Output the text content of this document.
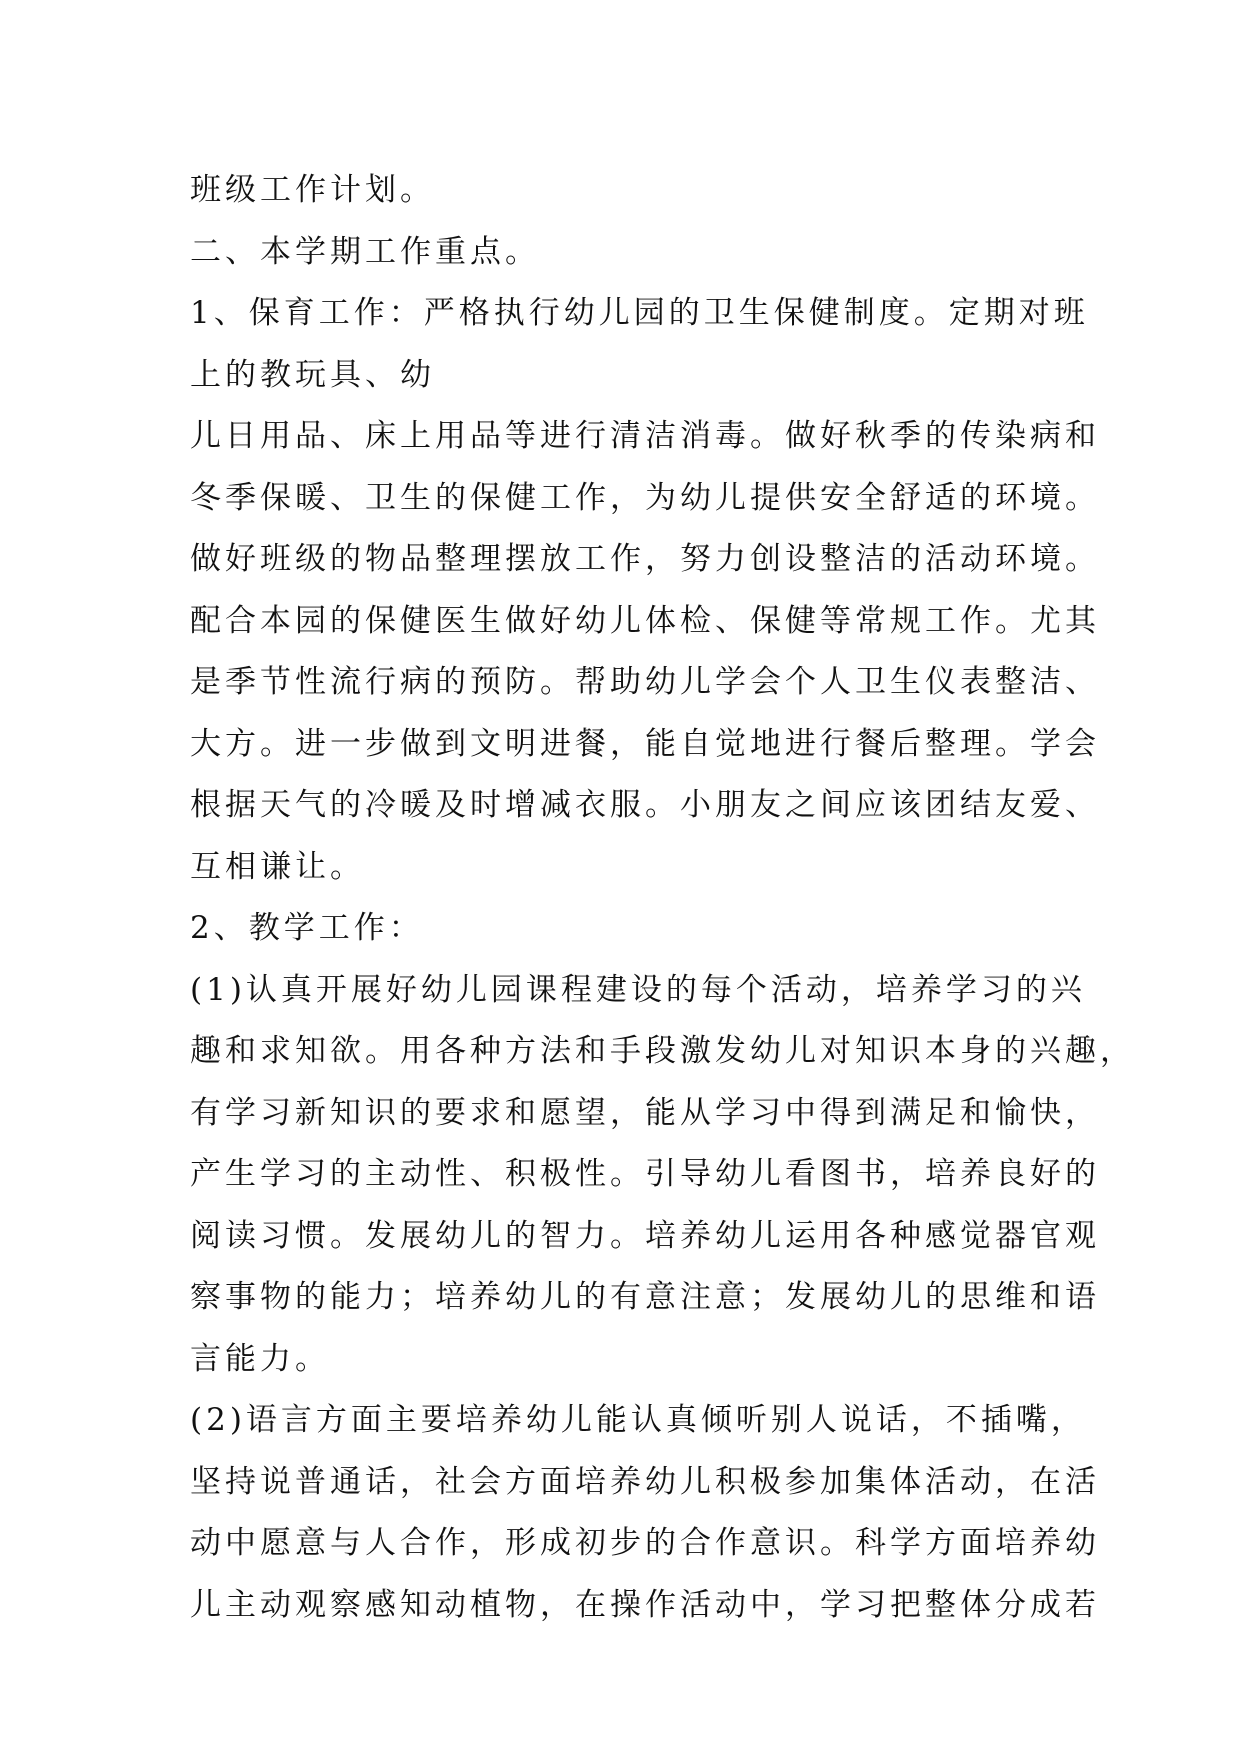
班级工作计划。
二、本学期工作重点。
1、保育工作：严格执行幼儿园的卫生保健制度。定期对班
上的教玩具、幼
儿日用品、床上用品等进行清洁消毒。做好秋季的传染病和
冬季保暖、卫生的保健工作，为幼儿提供安全舒适的环境。
做好班级的物品整理摆放工作，努力创设整洁的活动环境。
配合本园的保健医生做好幼儿体检、保健等常规工作。尤其
是季节性流行病的预防。帮助幼儿学会个人卫生仪表整洁、
大方。进一步做到文明进餐，能自觉地进行餐后整理。学会
根据天气的冷暖及时增减衣服。小朋友之间应该团结友爱、
互相谦让。
2、教学工作：
(1)认真开展好幼儿园课程建设的每个活动，培养学习的兴
趣和求知欲。用各种方法和手段激发幼儿对知识本身的兴趣，
有学习新知识的要求和愿望，能从学习中得到满足和愉快，
产生学习的主动性、积极性。引导幼儿看图书，培养良好的
阅读习惯。发展幼儿的智力。培养幼儿运用各种感觉器官观
察事物的能力；培养幼儿的有意注意；发展幼儿的思维和语
言能力。
(2)语言方面主要培养幼儿能认真倾听别人说话，不插嘴，
坚持说普通话，社会方面培养幼儿积极参加集体活动，在活
动中愿意与人合作，形成初步的合作意识。科学方面培养幼
儿主动观察感知动植物，在操作活动中，学习把整体分成若
